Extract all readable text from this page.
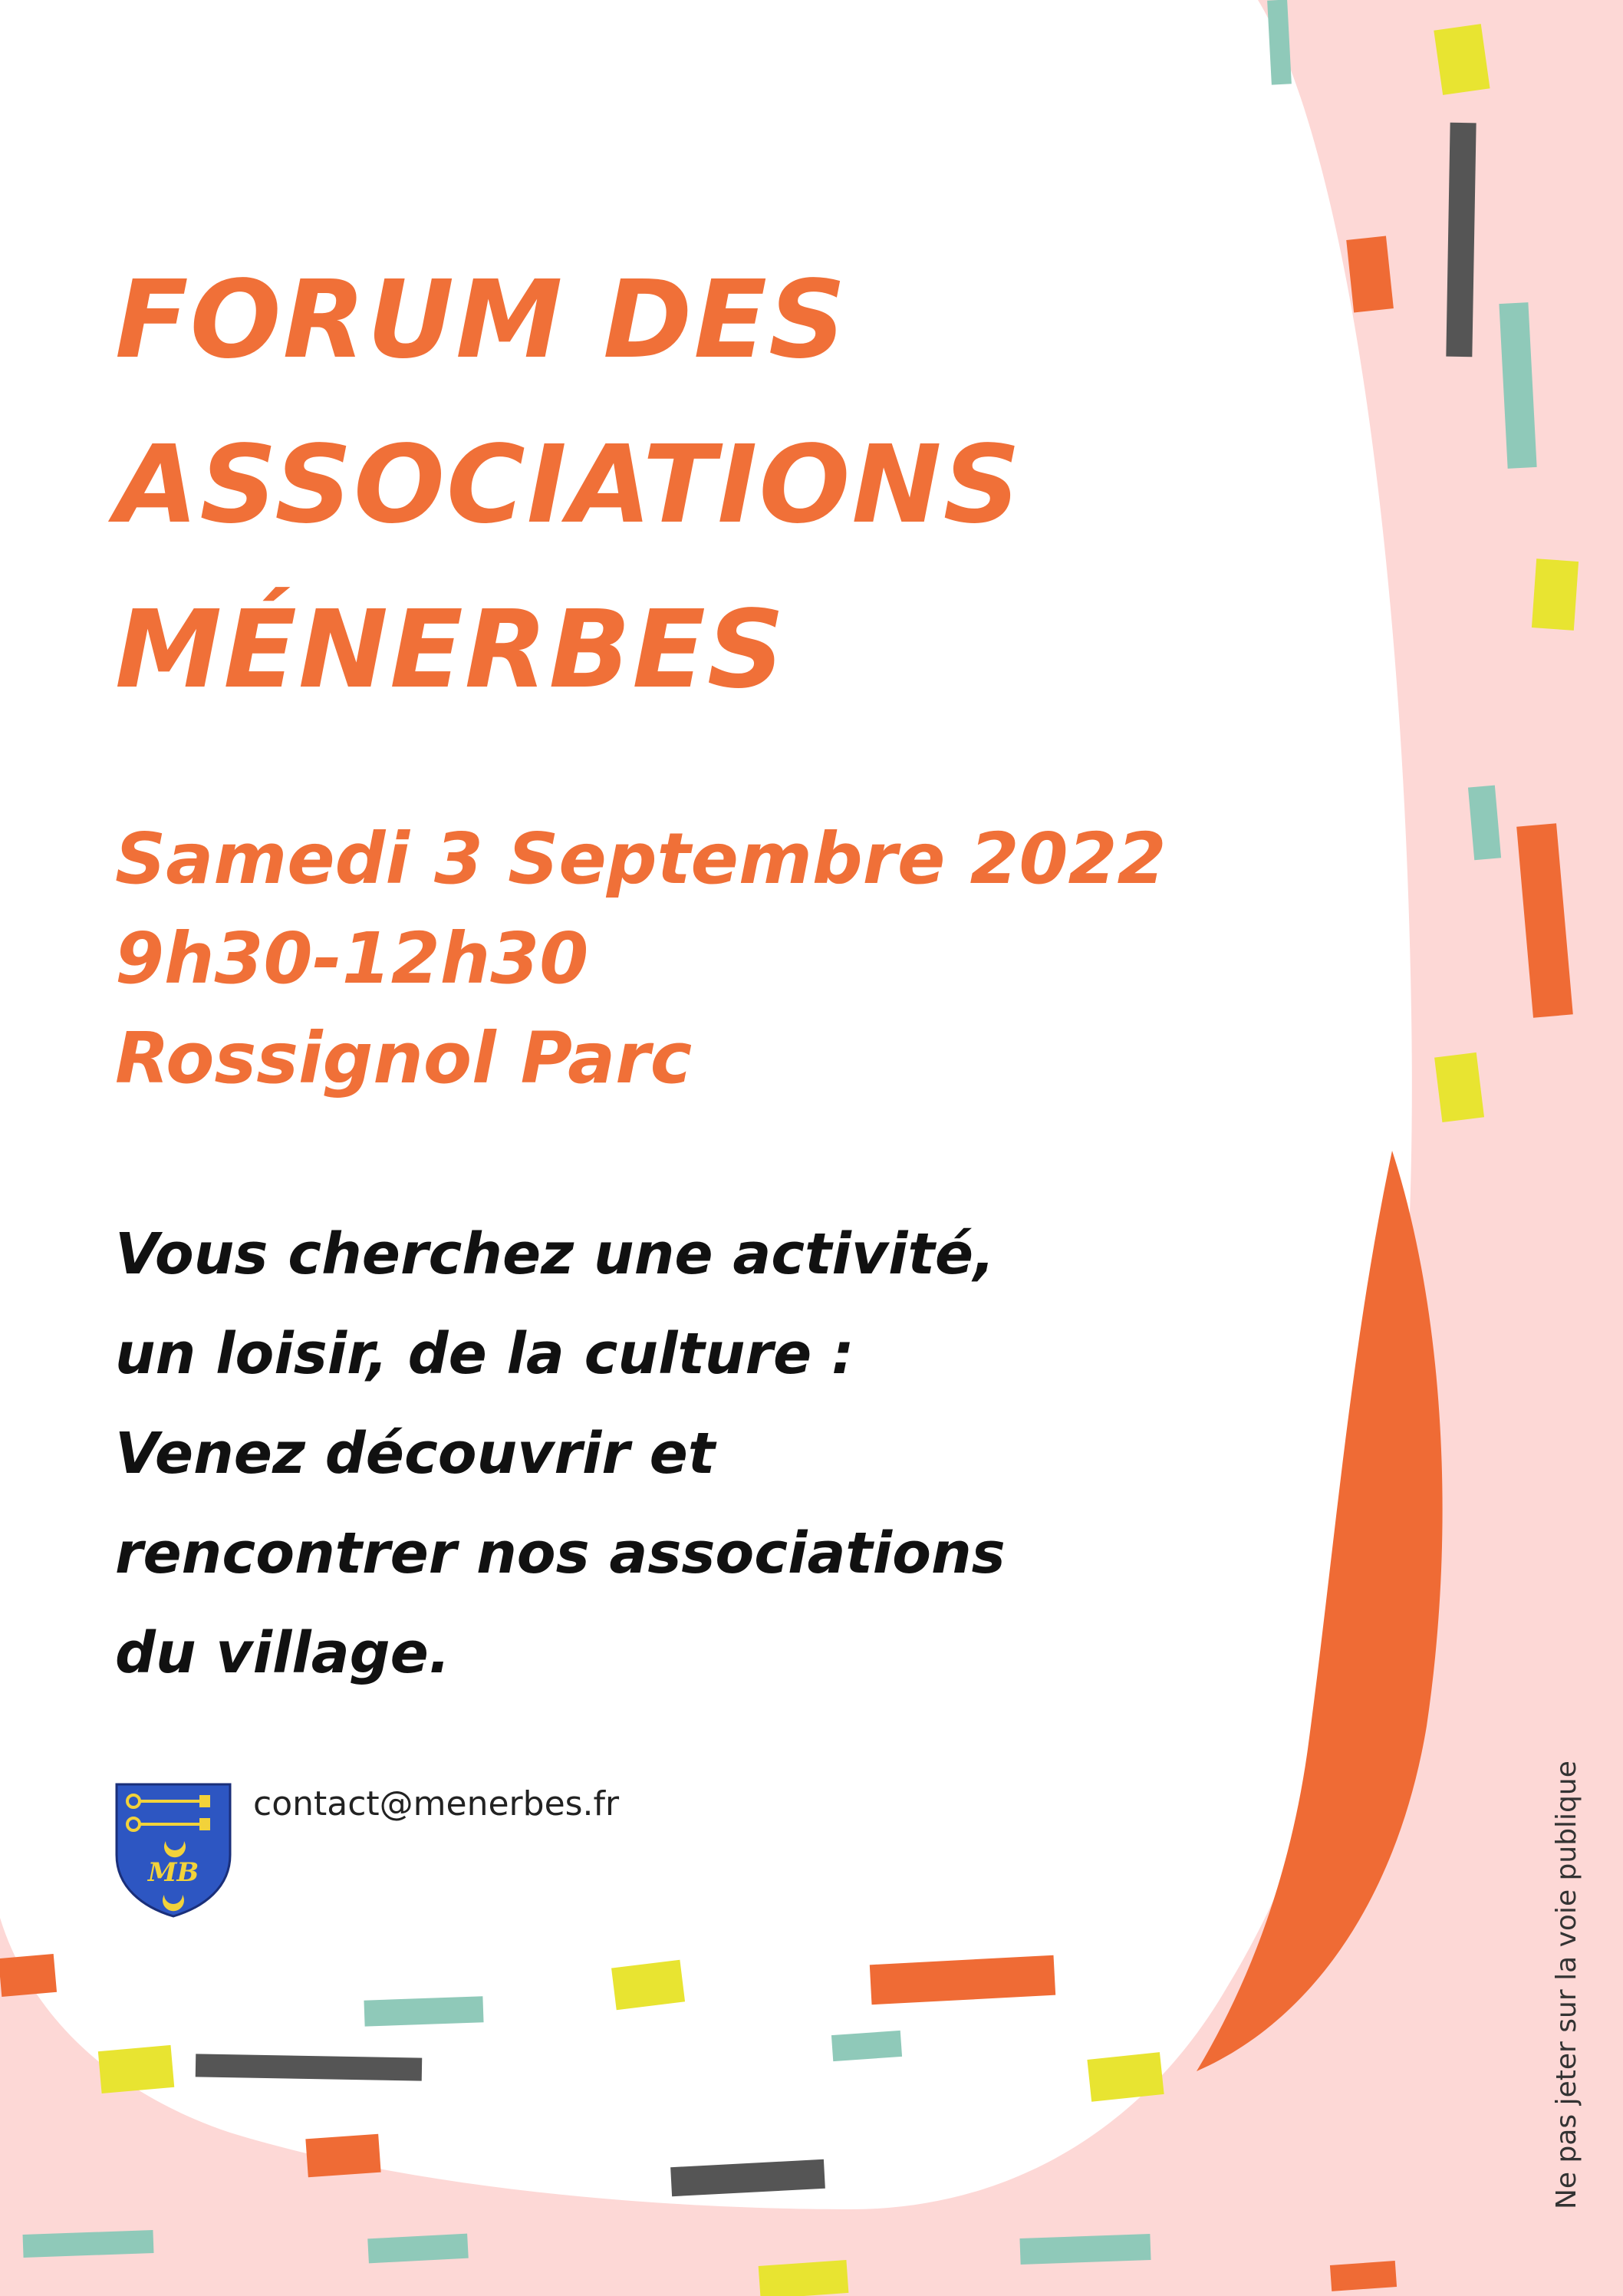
FORUM DES
ASSOCIATIONS
MÉNERBES
Samedi 3 Septembre 2022
9h30-12h30
Rossignol Parc
Vous cherchez une activité,
un loisir, de la culture :
Venez découvrir et
rencontrer nos associations
du village.
MB
contact@menerbes.fr	Ne pas jeter sur la voie publique
